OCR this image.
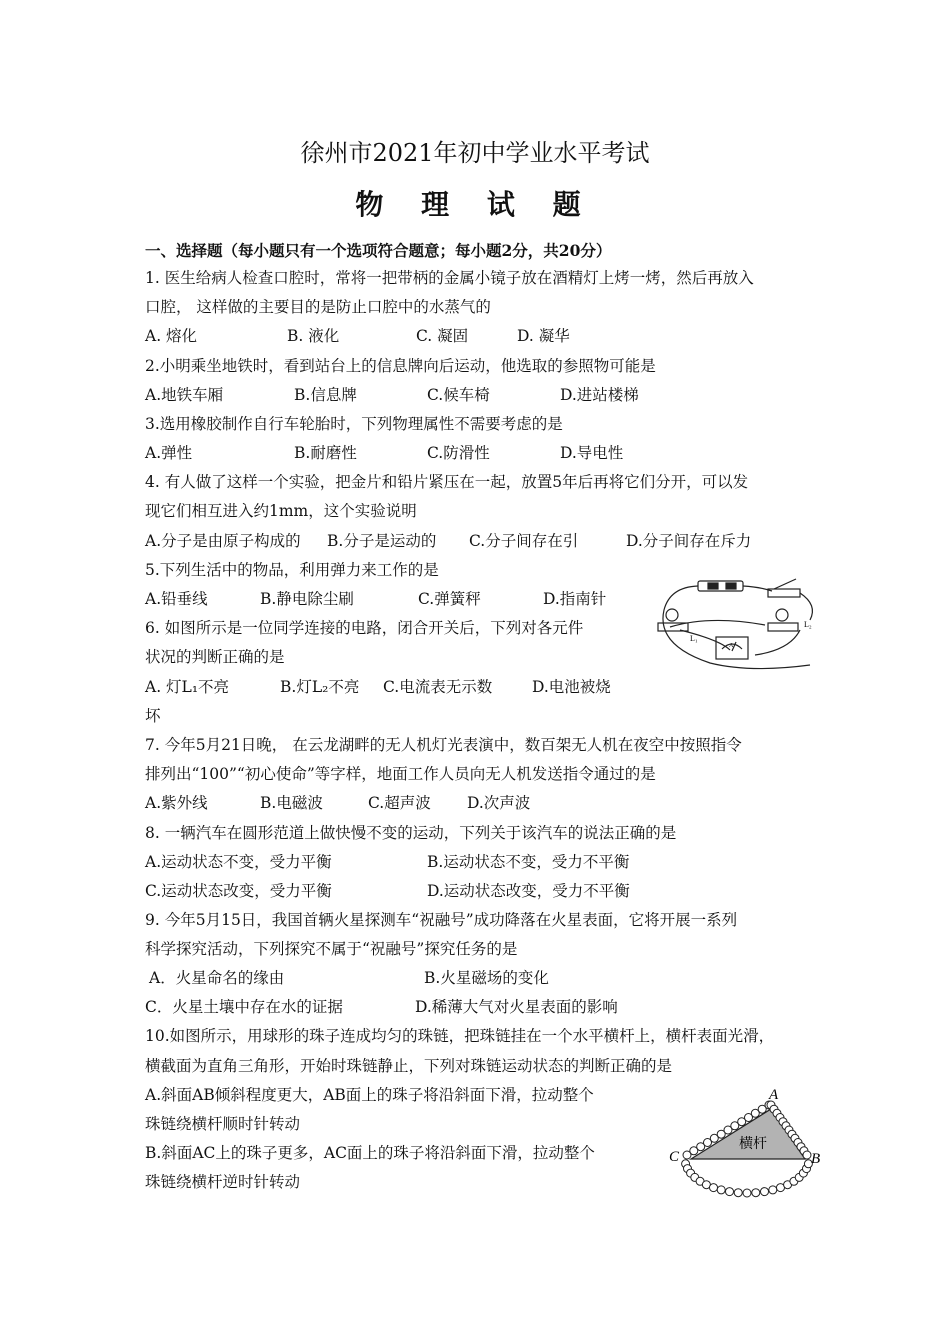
徐州市2021年初中学业水平考试
物 理 试 题
一、选择题（每小题只有一个选项符合题意；每小题2分，共20分）
1. 医生给病人检查口腔时，常将一把带柄的金属小镜子放在酒精灯上烤一烤，然后再放入
口腔， 这样做的主要目的是防止口腔中的水蒸气的
A. 熔化	B. 液化	C. 凝固	D. 凝华
2.小明乘坐地铁时，看到站台上的信息牌向后运动，他选取的参照物可能是
A.地铁车厢	B.信息牌	C.候车椅	D.进站楼梯
3.选用橡胶制作自行车轮胎时，下列物理属性不需要考虑的是
A.弹性	B.耐磨性	C.防滑性	D.导电性
4. 有人做了这样一个实验，把金片和铅片紧压在一起，放置5年后再将它们分开，可以发
现它们相互进入约1mm，这个实验说明
A.分子是由原子构成的 B.分子是运动的 C.分子间存在引	D.分子间存在斥力
5.下列生活中的物品，利用弹力来工作的是
A.铅垂线	B.静电除尘刷	C.弹簧秤	D.指南针
6. 如图所示是一位同学连接的电路，闭合开关后，下列对各元件
状况的判断正确的是
A. 灯L₁不亮	B.灯L₂不亮 C.电流表无示数	D.电池被烧
坏
L₁
L₂
A
7. 今年5月21日晚， 在云龙湖畔的无人机灯光表演中，数百架无人机在夜空中按照指令
排列出“100”“初心使命”等字样，地面工作人员向无人机发送指令通过的是
A.紫外线	B.电磁波	C.超声波 D.次声波
8. 一辆汽车在圆形范道上做快慢不变的运动，下列关于该汽车的说法正确的是
A.运动状态不变，受力平衡	B.运动状态不变，受力不平衡
C.运动状态改变，受力平衡	D.运动状态改变，受力不平衡
9. 今年5月15日，我国首辆火星探测车“祝融号”成功降落在火星表面，它将开展一系列
科学探究活动，下列探究不属于“祝融号”探究任务的是
A．火星命名的缘由	B.火星磁场的变化
C．火星土壤中存在水的证据	D.稀薄大气对火星表面的影响
10.如图所示，用球形的珠子连成均匀的珠链，把珠链挂在一个水平横杆上，横杆表面光滑，
横截面为直角三角形，开始时珠链静止，下列对珠链运动状态的判断正确的是
A.斜面AB倾斜程度更大，AB面上的珠子将沿斜面下滑，拉动整个
珠链绕横杆顺时针转动
B.斜面AC上的珠子更多，AC面上的珠子将沿斜面下滑，拉动整个
珠链绕横杆逆时针转动
A
B
C
横杆
